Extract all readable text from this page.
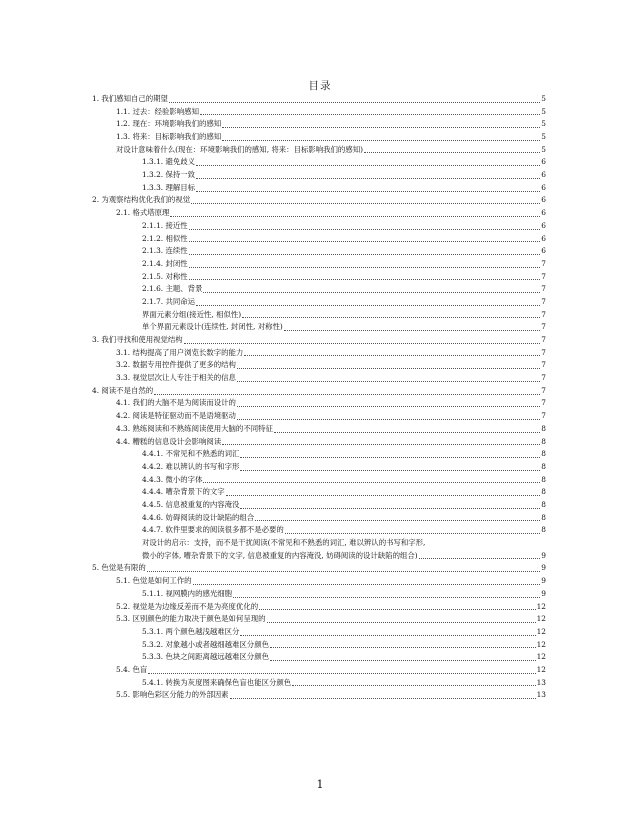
目录
1. 我们感知自己的期望	5
1.1. 过去：经验影响感知	5
1.2. 现在：环境影响我们的感知	5
1.3. 将来：目标影响我们的感知	5
对设计意味着什么(现在：环境影响我们的感知, 将来：目标影响我们的感知)	5
1.3.1. 避免歧义	6
1.3.2. 保持一致	6
1.3.3. 理解目标	6
2. 为观察结构优化我们的视觉	6
2.1. 格式塔原理	6
2.1.1. 接近性	6
2.1.2. 相似性	6
2.1.3. 连续性	6
2.1.4. 封闭性	7
2.1.5. 对称性	7
2.1.6. 主题、背景	7
2.1.7. 共同命运	7
界面元素分组(接近性, 相似性)	7
单个界面元素设计(连续性, 封闭性, 对称性)	7
3. 我们寻找和使用视觉结构	7
3.1. 结构提高了用户浏览长数字的能力	7
3.2. 数据专用控件提供了更多的结构	7
3.3. 视觉层次让人专注于相关的信息	7
4. 阅读不是自然的	7
4.1. 我们的大脑不是为阅读而设计的	7
4.2. 阅读是特征驱动而不是语境驱动	7
4.3. 熟练阅读和不熟练阅读使用大脑的不同特征	8
4.4. 糟糕的信息设计会影响阅读	8
4.4.1. 不常见和不熟悉的词汇	8
4.4.2. 难以辨认的书写和字形	8
4.4.3. 微小的字体	8
4.4.4. 嘈杂背景下的文字	8
4.4.5. 信息被重复的内容淹没	8
4.4.6. 妨碍阅读的设计缺陷的组合	8
4.4.7. 软件里要求的阅读很多都不是必要的	8
对设计的启示：支持，而不是干扰阅读(不常见和不熟悉的词汇, 难以辨认的书写和字形,
微小的字体, 嘈杂背景下的文字, 信息被重复的内容淹没, 妨碍阅读的设计缺陷的组合)	9
5. 色觉是有限的	9
5.1. 色觉是如何工作的	9
5.1.1. 视网膜内的感光细胞	9
5.2. 视觉是为边缘反差而不是为亮度优化的	12
5.3. 区别颜色的能力取决于颜色是如何呈现的	12
5.3.1. 两个颜色越浅越难区分	12
5.3.2. 对象越小或者越细越难区分颜色	12
5.3.3. 色块之间距离越远越难区分颜色	12
5.4. 色盲	12
5.4.1. 转换为灰度图来确保色盲也能区分颜色	13
5.5. 影响色彩区分能力的外部因素	13
1
